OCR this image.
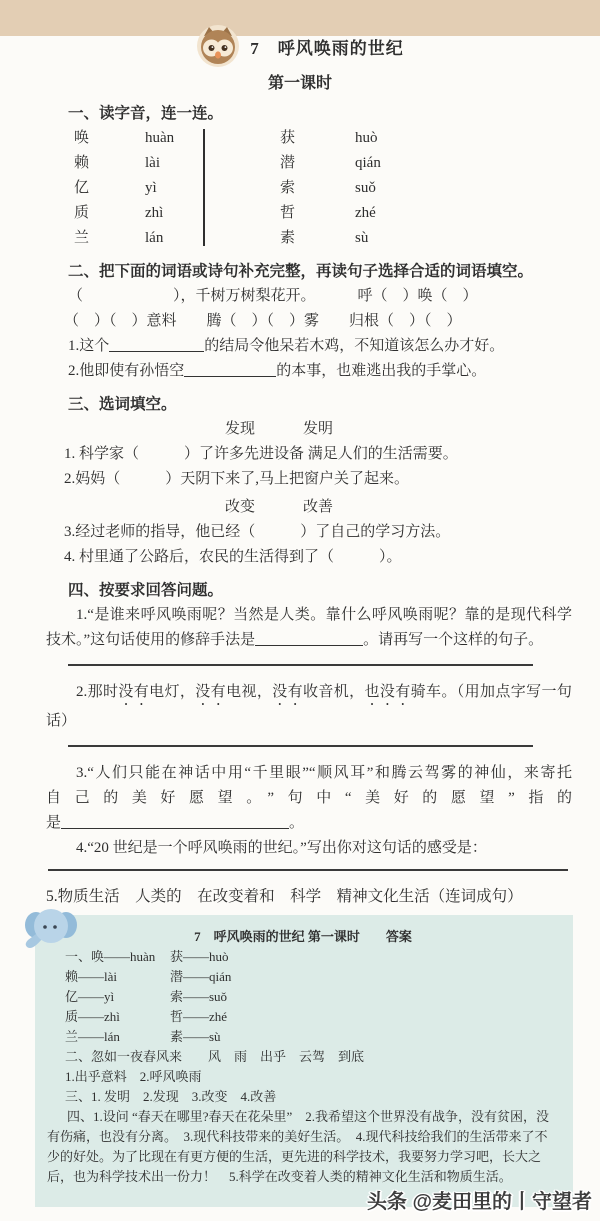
7　呼风唤雨的世纪
第一课时
一、读字音，连一连。
唤	huàn	获	huò
赖	lài	潜	qián
亿	yì	索	suǒ
质	zhì	哲	zhé
兰	lán	素	sù
二、把下面的词语或诗句补充完整，再读句子选择合适的词语填空。
（　　　　　　），千树万树梨花开。	呼（　）唤（　）
（　）（　）意料 腾（　）（　）雾 归根（　）（　）
1.这个	的结局令他呆若木鸡，不知道该怎么办才好。
2.他即使有孙悟空	的本事，也难逃出我的手掌心。
三、选词填空。
发现	发明
1. 科学家（　　　）了许多先进设备 满足人们的生活需要。
2.妈妈（　　　）天阴下来了,马上把窗户关了起来。
改变	改善
3.经过老师的指导，他已经（　　　）了自己的学习方法。
4. 村里通了公路后，农民的生活得到了（　　　）。
四、按要求回答问题。
1.“是谁来呼风唤雨呢？当然是人类。靠什么呼风唤雨呢？靠的是现代科学
技术。”这句话使用的修辞手法是	。请再写一个这样的句子。
2.那时没有电灯，没有电视，没有收音机，也没有骑车。（用加点字写一句
话）
3.“人们只能在神话中用“千里眼”“顺风耳”和腾云驾雾的神仙，来寄托
自己的美好愿望。”句中“美好的愿望”指的
是	。
4.“20 世纪是一个呼风唤雨的世纪。”写出你对这句话的感受是：
5.物质生活　人类的　在改变着和　科学　精神文化生活（连词成句）
7　呼风唤雨的世纪 第一课时　　答案
一、唤——huàn	获——huò
赖——lài	潜——qián
亿——yì	索——suǒ
质——zhì	哲——zhé
兰——lán	素——sù
二、忽如一夜春风来　　风　雨　出乎　云驾　到底
1.出乎意料　2.呼风唤雨
三、1. 发明　2.发现　3.改变　4.改善

四、1.设问 “春天在哪里?春天在花朵里”　2.我希望这个世界没有战争，没有贫困，没有伤痛，也没有分离。　3.现代科技带来的美好生活。　4.现代科技给我们的生活带来了不少的好处。为了比现在有更方便的生活，更先进的科学技术，我要努力学习吧，长大之后，也为科学技术出一份力！　5.科学在改变着人类的精神文化生活和物质生活。

头条 @麦田里的丨守望者
